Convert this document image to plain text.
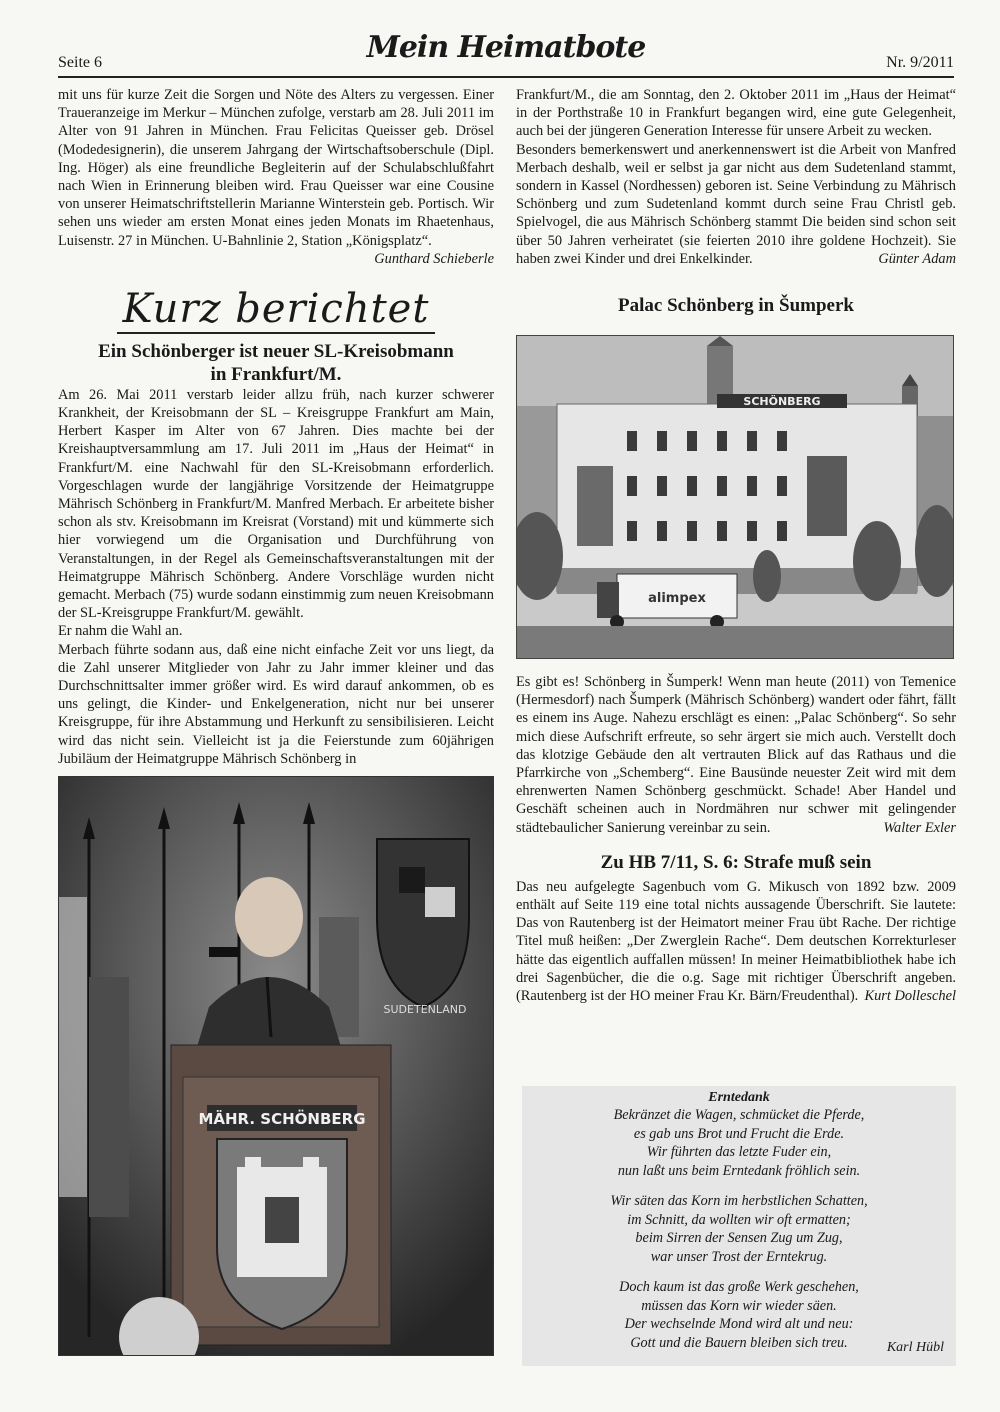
Seite 6	Mein Heimatbote	Nr. 9/2011

mit uns für kurze Zeit die Sorgen und Nöte des Alters zu vergessen. Einer Traueranzeige im Merkur – München zufolge, verstarb am 28. Juli 2011 im Alter von 91 Jahren in München. Frau Felicitas Queisser geb. Drösel (Modedesignerin), die unserem Jahrgang der Wirtschaftsoberschule (Dipl. Ing. Höger) als eine freundliche Begleiterin auf der Schulabschlußfahrt nach Wien in Erinnerung bleiben wird. Frau Queisser war eine Cousine von unserer Heimatschriftstellerin Marianne Winterstein geb. Portisch. Wir sehen uns wieder am ersten Monat eines jeden Monats im Rhaetenhaus, Luisenstr. 27 in München. U-Bahnlinie 2, Station „Königsplatz“.

Gunthard Schieberle

Kurz berichtet
Ein Schönberger ist neuer SL-Kreisobmann
in Frankfurt/M.

Am 26. Mai 2011 verstarb leider allzu früh, nach kurzer schwerer Krankheit, der Kreisobmann der SL – Kreisgruppe Frankfurt am Main, Herbert Kasper im Alter von 67 Jahren. Dies machte bei der Kreishauptversammlung am 17. Juli 2011 im „Haus der Heimat“ in Frankfurt/M. eine Nachwahl für den SL-Kreisobmann erforderlich. Vorgeschlagen wurde der langjährige Vorsitzende der Heimatgruppe Mährisch Schönberg in Frankfurt/M. Manfred Merbach. Er arbeitete bisher schon als stv. Kreisobmann im Kreisrat (Vorstand) mit und kümmerte sich hier vorwiegend um die Organisation und Durchführung von Veranstaltungen, in der Regel als Gemeinschaftsveranstaltungen mit der Heimatgruppe Mährisch Schönberg. Andere Vorschläge wurden nicht gemacht. Merbach (75) wurde sodann einstimmig zum neuen Kreisobmann der SL-Kreisgruppe Frankfurt/M. gewählt.

Er nahm die Wahl an.

Merbach führte sodann aus, daß eine nicht einfache Zeit vor uns liegt, da die Zahl unserer Mitglieder von Jahr zu Jahr immer kleiner und das Durchschnittsalter immer größer wird. Es wird darauf ankommen, ob es uns gelingt, die Kinder- und Enkelgeneration, nicht nur bei unserer Kreisgruppe, für ihre Abstammung und Herkunft zu sensibilisieren. Leicht wird das nicht sein. Vielleicht ist ja die Feierstunde zum 60jährigen Jubiläum der Heimatgruppe Mährisch Schönberg in

SUDETENLAND
MÄHR. SCHÖNBERG

Frankfurt/M., die am Sonntag, den 2. Oktober 2011 im „Haus der Heimat“ in der Porthstraße 10 in Frankfurt begangen wird, eine gute Gelegenheit, auch bei der jüngeren Generation Interesse für unsere Arbeit zu wecken.

Besonders bemerkenswert und anerkennenswert ist die Arbeit von Manfred Merbach deshalb, weil er selbst ja gar nicht aus dem Sudetenland stammt, sondern in Kassel (Nordhessen) geboren ist. Seine Verbindung zu Mährisch Schönberg und zum Sudetenland kommt durch seine Frau Christl geb. Spielvogel, die aus Mährisch Schönberg stammt Die beiden sind schon seit über 50 Jahren verheiratet (sie feierten 2010 ihre goldene Hochzeit). Sie haben zwei Kinder und drei Enkelkinder.	Günter Adam

Palac Schönberg in Šumperk
SCHÖNBERG
alimpex

Es gibt es! Schönberg in Šumperk! Wenn man heute (2011) von Temenice (Hermesdorf) nach Šumperk (Mährisch Schönberg) wandert oder fährt, fällt es einem ins Auge. Nahezu erschlägt es einen: „Palac Schönberg“. So sehr mich diese Aufschrift erfreute, so sehr ärgert sie mich auch. Verstellt doch das klotzige Gebäude den alt vertrauten Blick auf das Rathaus und die Pfarrkirche von „Schemberg“. Eine Bausünde neuester Zeit wird mit dem ehrenwerten Namen Schönberg geschmückt. Schade! Aber Handel und Geschäft scheinen auch in Nordmähren nur schwer mit gelingender städtebaulicher Sanierung vereinbar zu sein.	Walter Exler

Zu HB 7/11, S. 6: Strafe muß sein

Das neu aufgelegte Sagenbuch vom G. Mikusch von 1892 bzw. 2009 enthält auf Seite 119 eine total nichts aussagende Überschrift. Sie lautete: Das von Rautenberg ist der Heimatort meiner Frau übt Rache. Der richtige Titel muß heißen: „Der Zwerglein Rache“. Dem deutschen Korrekturleser hätte das eigentlich auffallen müssen! In meiner Heimatbibliothek habe ich drei Sagenbücher, die die o.g. Sage mit richtiger Überschrift angeben. (Rautenberg ist der HO meiner Frau Kr. Bärn/Freudenthal). Kurt Dolleschel

Erntedank

Bekränzet die Wagen, schmücket die Pferde,
es gab uns Brot und Frucht die Erde.
Wir führten das letzte Fuder ein,
nun laßt uns beim Erntedank fröhlich sein.

Wir säten das Korn im herbstlichen Schatten,
im Schnitt, da wollten wir oft ermatten;
beim Sirren der Sensen Zug um Zug,
war unser Trost der Erntekrug.

Doch kaum ist das große Werk geschehen,
müssen das Korn wir wieder säen.
Der wechselnde Mond wird alt und neu:
Gott und die Bauern bleiben sich treu.	Karl Hübl
